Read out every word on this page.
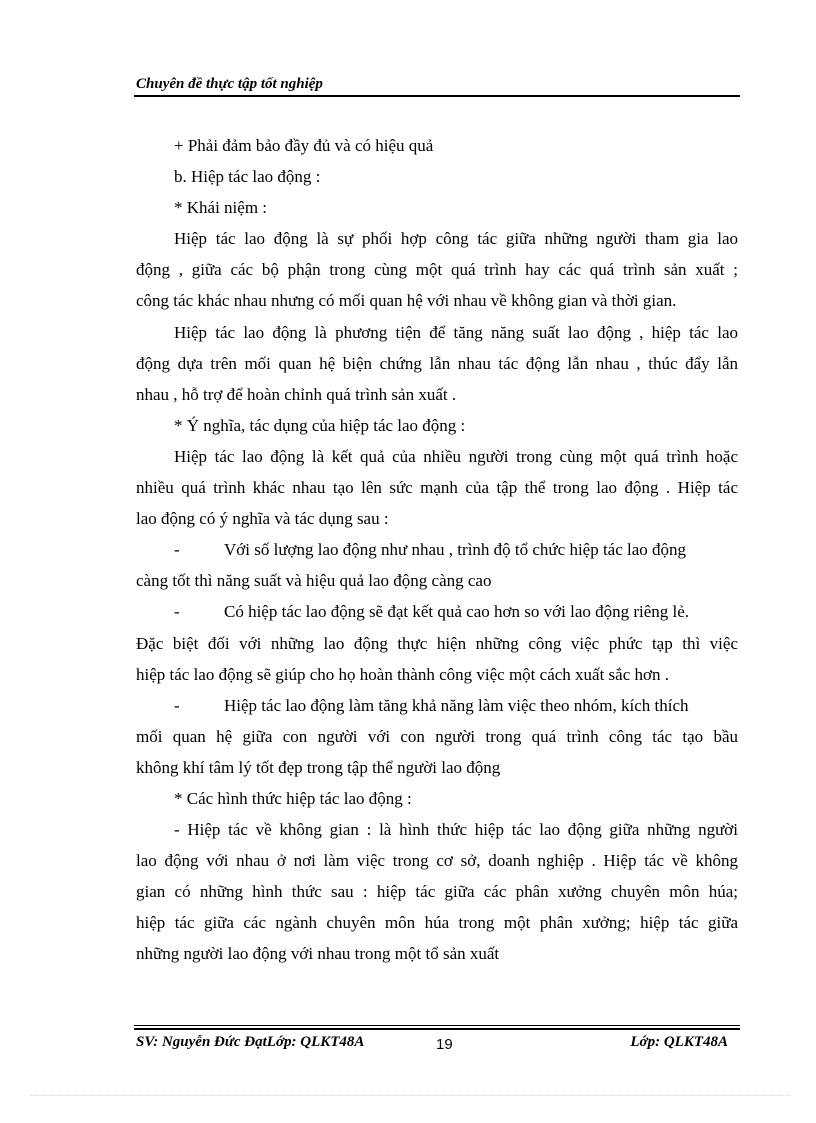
Chuyên đề thực tập tốt nghiệp
+ Phải đảm bảo đầy đủ và có hiệu quả
b. Hiệp tác lao động :
* Khái niệm :
Hiệp tác lao động là sự phối hợp công tác giữa những người tham gia lao
động , giữa các bộ phận trong cùng một quá trình hay các quá trình sản xuất ;
công tác khác nhau nhưng có mối quan hệ với nhau về không gian và thời gian.
Hiệp tác lao động là phương tiện để tăng năng suất lao động , hiệp tác lao
động dựa trên mối quan hệ biện chứng lẫn nhau tác động lẫn nhau , thúc đẩy lẫn
nhau , hỗ trợ để hoàn chỉnh quá trình sản xuất .
* Ý nghĩa, tác dụng của hiệp tác lao động :
Hiệp tác lao động là kết quả của nhiều người trong cùng một quá trình hoặc
nhiều quá trình khác nhau tạo lên sức mạnh của tập thể trong lao động . Hiệp tác
lao động có ý nghĩa và tác dụng sau :
-	Với số lượng lao động như nhau , trình độ tổ chức hiệp tác lao động
càng tốt thì năng suất và hiệu quả lao động càng cao
-	Có hiệp tác lao động sẽ đạt kết quả cao hơn so với lao động riêng lẻ.
Đặc biệt đối với những lao động thực hiện những công việc phức tạp thì việc
hiệp tác lao động sẽ giúp cho họ hoàn thành công việc một cách xuất sắc hơn .
-	Hiệp tác lao động làm tăng khả năng làm việc theo nhóm, kích thích
mối quan hệ giữa con người với con người trong quá trình công tác tạo bầu
không khí tâm lý tốt đẹp trong tập thể người lao động
* Các hình thức hiệp tác lao động :
- Hiệp tác về không gian : là hình thức hiệp tác lao động giữa những người
lao động với nhau ở nơi làm việc trong cơ sở, doanh nghiệp . Hiệp tác về không
gian có những hình thức sau : hiệp tác giữa các phân xưởng chuyên môn húa;
hiệp tác giữa các ngành chuyên môn húa trong một phân xưởng; hiệp tác giữa
những người lao động với nhau trong một tổ sản xuất
SV: Nguyễn Đức ĐạtLớp: QLKT48A	19	Lớp: QLKT48A
